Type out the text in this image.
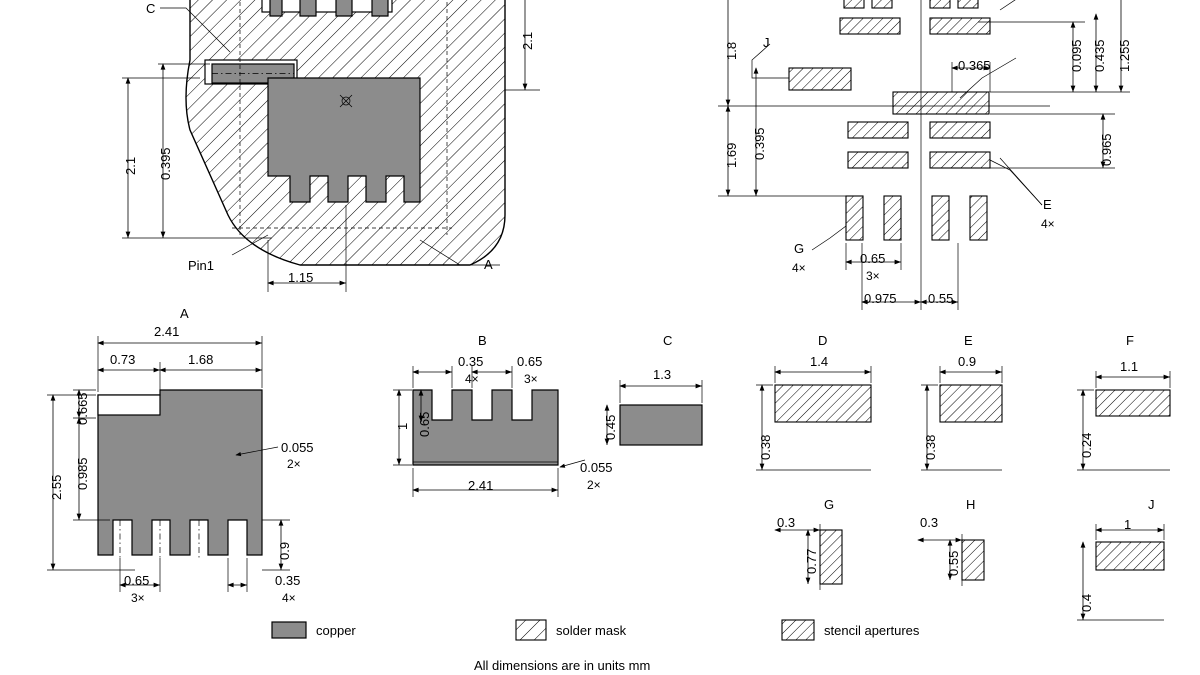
C
A
Pin1
2.1
2.1 0.395
1.15
J
G
4×
E
4×
1.8
1.69 0.395
0.365	0.095 0.435 1.255
0.965
0.65
3×
0.975 0.55
A
2.41
0.73	1.68
2.55
0.665
0.985
0.055
2×
0.9
0.65
3×
0.35
4×
B
0.35
4×
0.65
3×
1 0.65
2.41
0.055
2×
C
1.3
0.45
D
1.4
0.38
E
0.9
0.38
F
1.1
0.24
G
0.3
0.77
H
0.3
0.55
J
1
0.4
copper	solder mask	stencil apertures
All dimensions are in units mm
